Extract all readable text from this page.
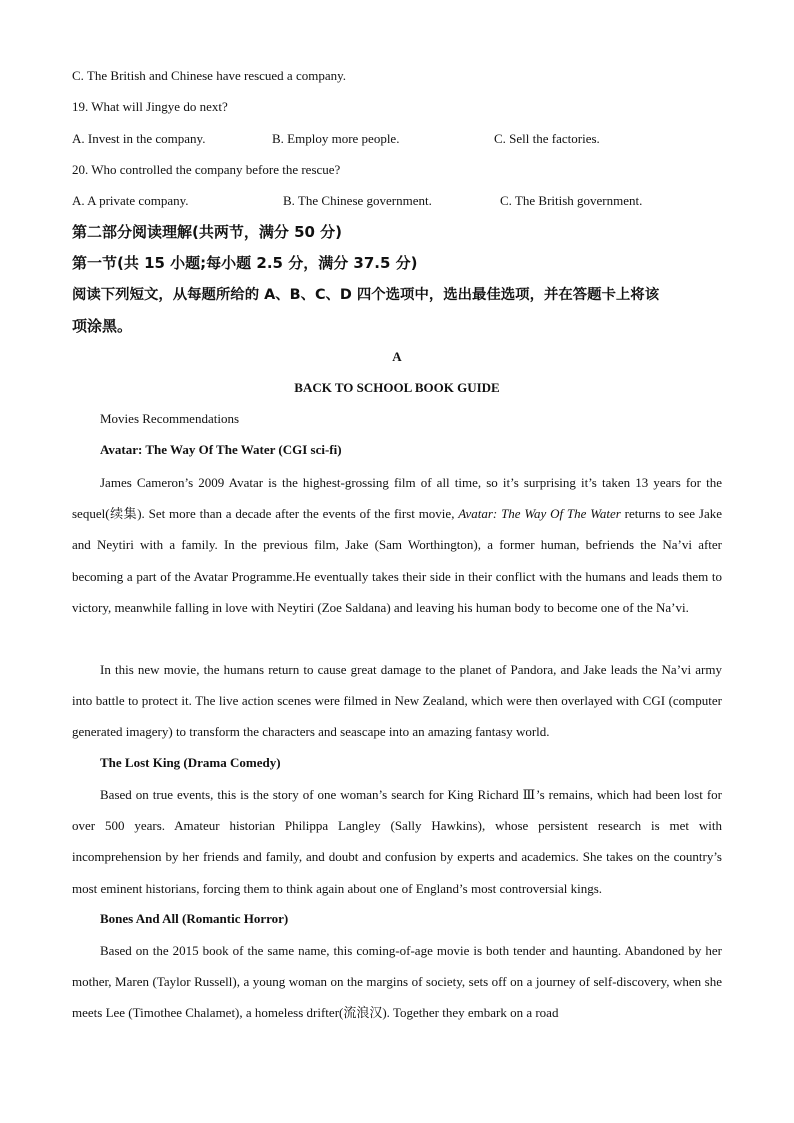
C. The British and Chinese have rescued a company.
19. What will Jingye do next?
A. Invest in the company.	B. Employ more people.	C. Sell the factories.
20. Who controlled the company before the rescue?
A. A private company.	B. The Chinese government.	C. The British government.
第二部分阅读理解(共两节，满分 50 分)
第一节(共 15 小题;每小题 2.5 分，满分 37.5 分)
阅读下列短文，从每题所给的 A、B、C、D 四个选项中，选出最佳选项，并在答题卡上将该
项涂黑。
A
BACK TO SCHOOL BOOK GUIDE
Movies Recommendations
Avatar: The Way Of The Water (CGI sci-fi)
James Cameron’s 2009 Avatar is the highest-grossing film of all time, so it’s surprising it’s taken 13 years for the sequel(续集). Set more than a decade after the events of the first movie, Avatar: The Way Of The Water returns to see Jake and Neytiri with a family. In the previous film, Jake (Sam Worthington), a former human, befriends the Na’vi after becoming a part of the Avatar Programme.He eventually takes their side in their conflict with the humans and leads them to victory, meanwhile falling in love with Neytiri (Zoe Saldana) and leaving his human body to become one of the Na’vi.
In this new movie, the humans return to cause great damage to the planet of Pandora, and Jake leads the Na’vi army into battle to protect it. The live action scenes were filmed in New Zealand, which were then overlayed with CGI (computer generated imagery) to transform the characters and seascape into an amazing fantasy world.
The Lost King (Drama Comedy)
Based on true events, this is the story of one woman’s search for King Richard Ⅲ’s remains, which had been lost for over 500 years. Amateur historian Philippa Langley (Sally Hawkins), whose persistent research is met with incomprehension by her friends and family, and doubt and confusion by experts and academics. She takes on the country’s most eminent historians, forcing them to think again about one of England’s most controversial kings.
Bones And All (Romantic Horror)
Based on the 2015 book of the same name, this coming-of-age movie is both tender and haunting. Abandoned by her mother, Maren (Taylor Russell), a young woman on the margins of society, sets off on a journey of self-discovery, when she meets Lee (Timothee Chalamet), a homeless drifter(流浪汉). Together they embark on a road
